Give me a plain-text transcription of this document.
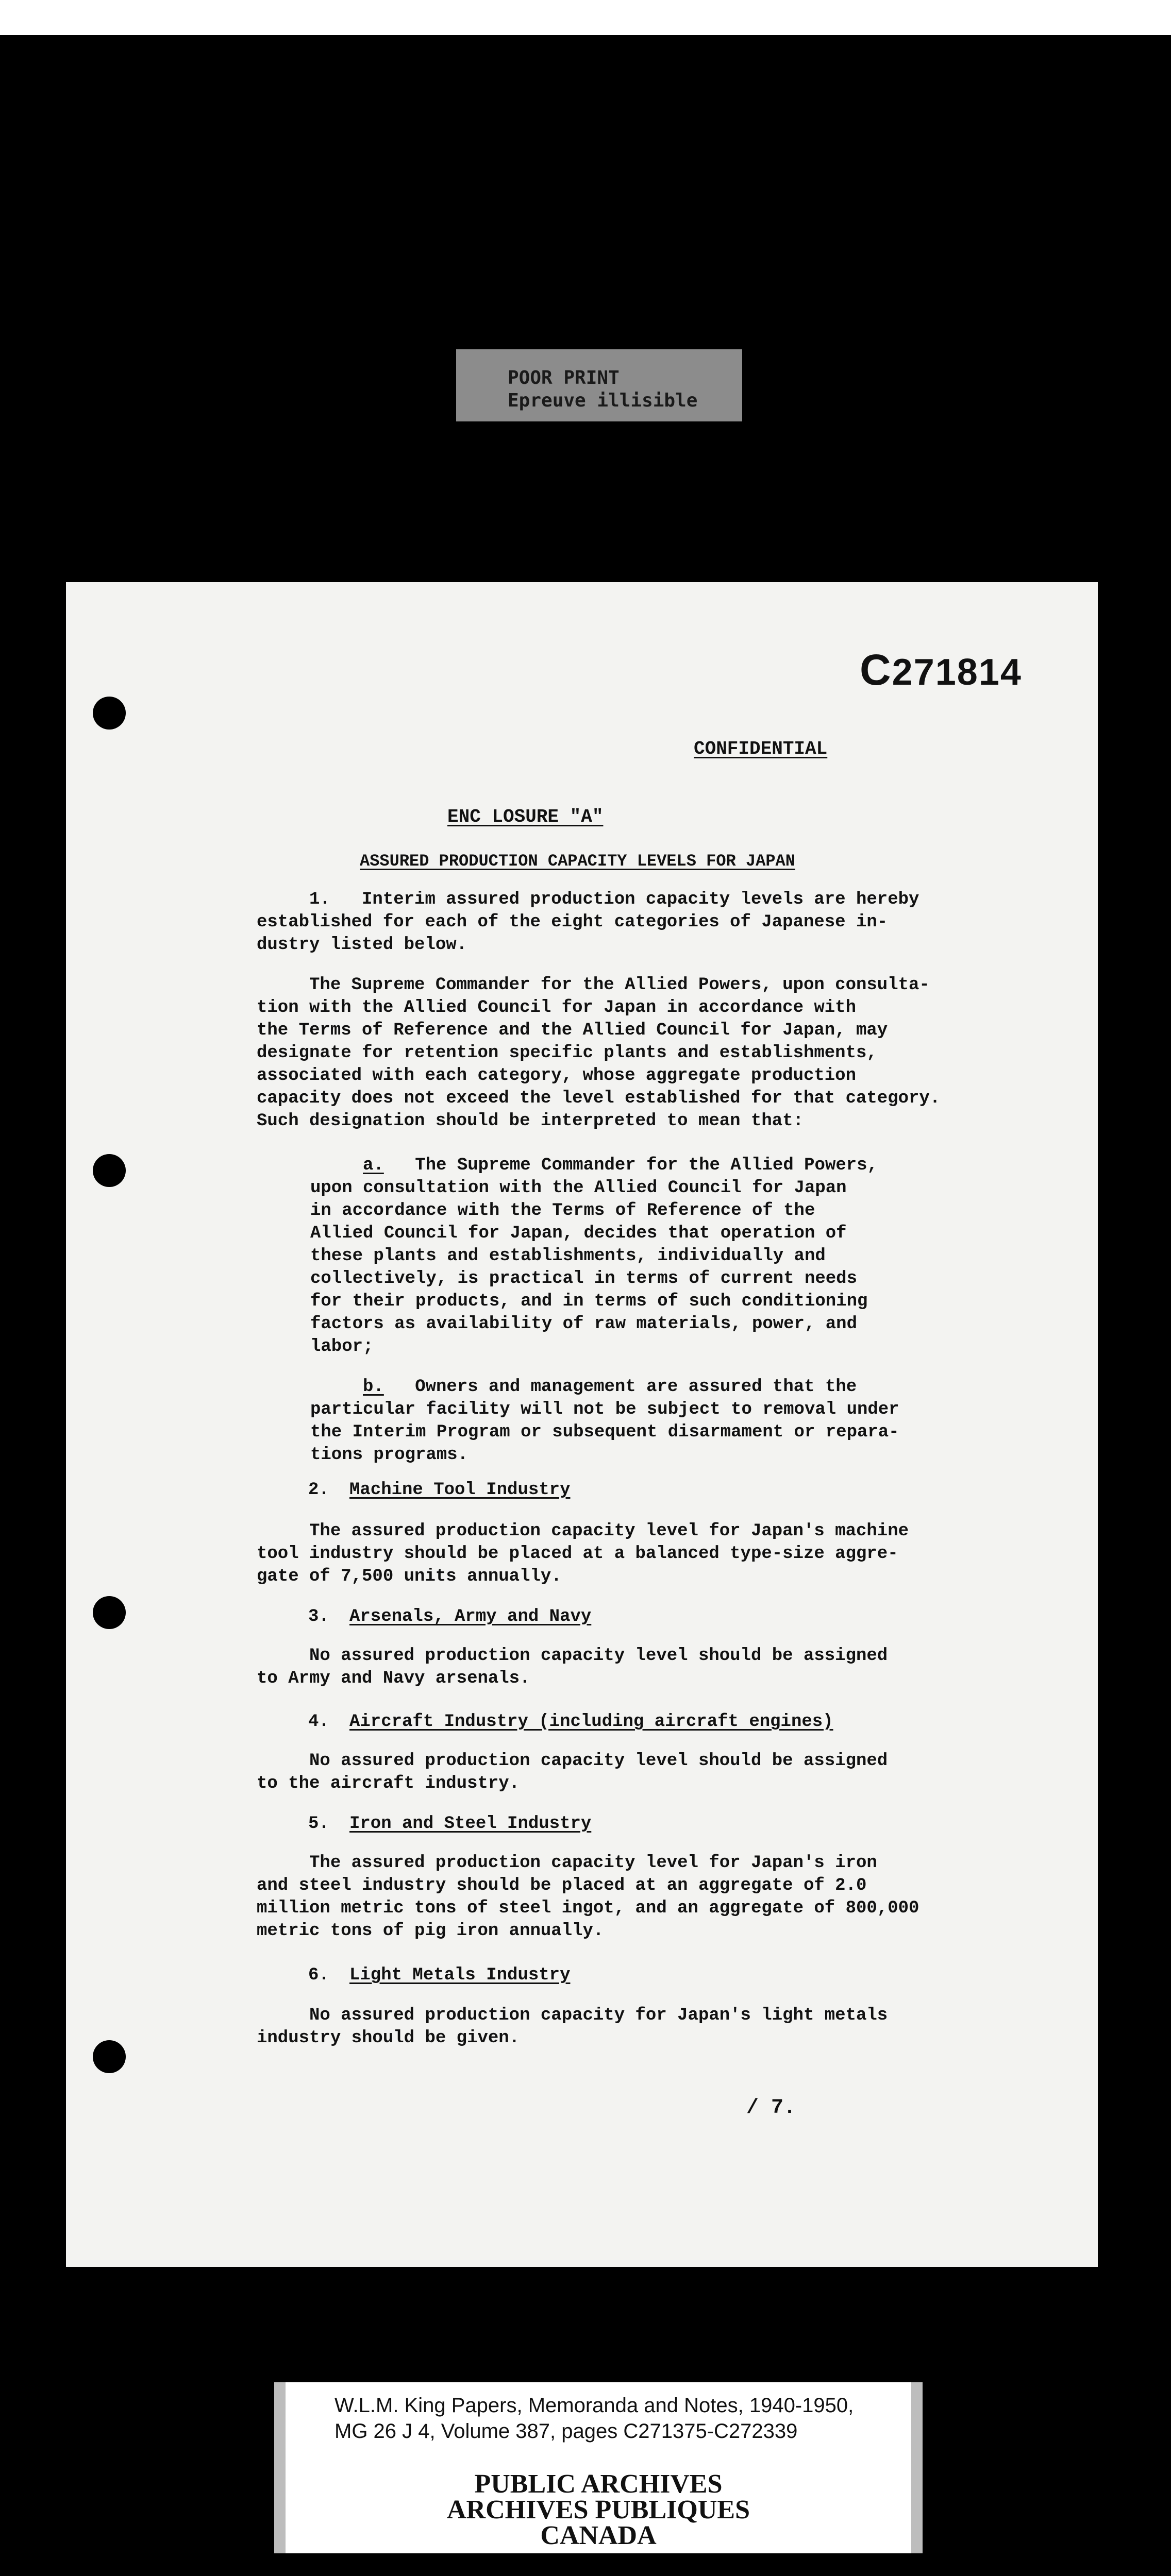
POOR PRINT
Epreuve illisible
C271814
CONFIDENTIAL
ENC LOSURE "A"
ASSURED PRODUCTION CAPACITY LEVELS FOR JAPAN
1.   Interim assured production capacity levels are hereby
established for each of the eight categories of Japanese in-
dustry listed below.
The Supreme Commander for the Allied Powers, upon consulta-
tion with the Allied Council for Japan in accordance with
the Terms of Reference and the Allied Council for Japan, may
designate for retention specific plants and establishments,
associated with each category, whose aggregate production
capacity does not exceed the level established for that category.
Such designation should be interpreted to mean that:
a. The Supreme Commander for the Allied Powers,
upon consultation with the Allied Council for Japan
in accordance with the Terms of Reference of the
Allied Council for Japan, decides that operation of
these plants and establishments, individually and
collectively, is practical in terms of current needs
for their products, and in terms of such conditioning
factors as availability of raw materials, power, and
labor;
b. Owners and management are assured that the
particular facility will not be subject to removal under
the Interim Program or subsequent disarmament or repara-
tions programs.
2. Machine Tool Industry
The assured production capacity level for Japan's machine
tool industry should be placed at a balanced type-size aggre-
gate of 7,500 units annually.
3. Arsenals, Army and Navy
No assured production capacity level should be assigned
to Army and Navy arsenals.
4. Aircraft Industry (including aircraft engines)
No assured production capacity level should be assigned
to the aircraft industry.
5. Iron and Steel Industry
The assured production capacity level for Japan's iron
and steel industry should be placed at an aggregate of 2.0
million metric tons of steel ingot, and an aggregate of 800,000
metric tons of pig iron annually.
6. Light Metals Industry
No assured production capacity for Japan's light metals
industry should be given.
/ 7.
W.L.M. King Papers, Memoranda and Notes, 1940-1950,
MG 26 J 4, Volume 387, pages C271375-C272339
PUBLIC ARCHIVES
ARCHIVES PUBLIQUES
CANADA
